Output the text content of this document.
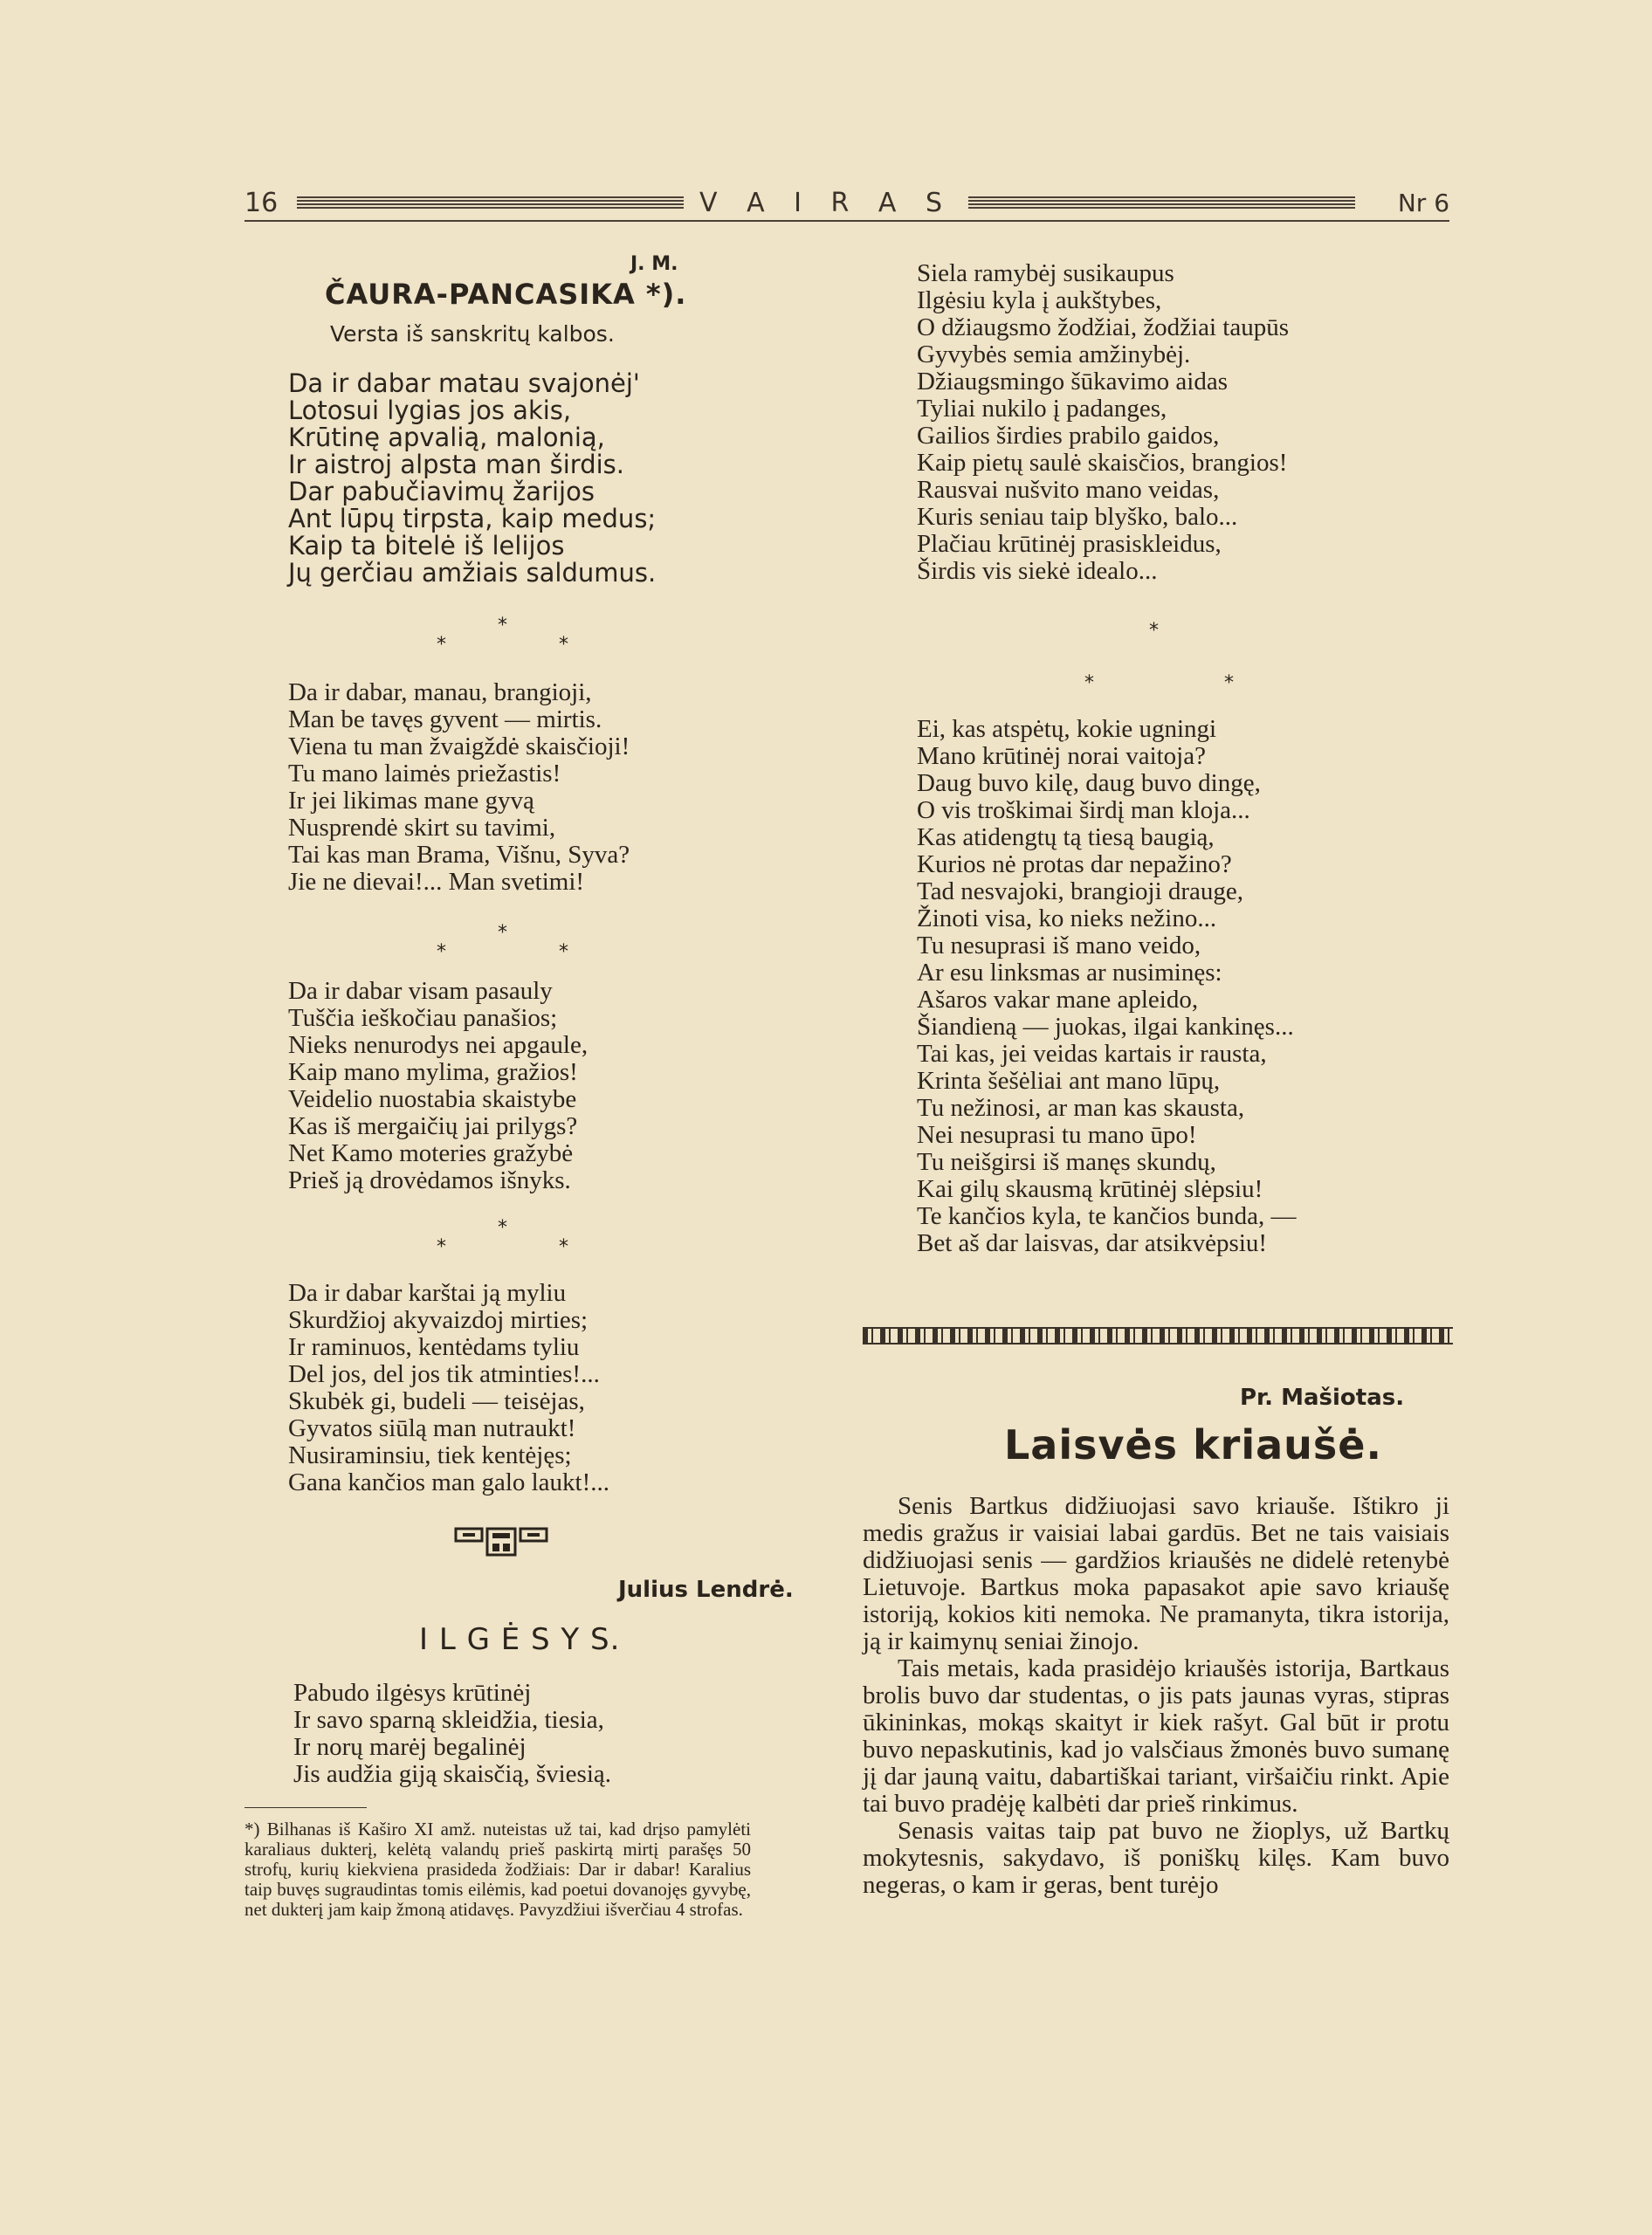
16	V A I R A S	Nr 6
J. M.
ČAURA-PANCASIKA *).
Versta iš sanskritų kalbos.
Da ir dabar matau svajonėj'
Lotosui lygias jos akis,
Krūtinę apvalią, malonią,
Ir aistroj alpsta man širdis.
Dar pabučiavimų žarijos
Ant lūpų tirpsta, kaip medus;
Kaip ta bitelė iš lelijos
Jų gerčiau amžiais saldumus.
*
*	*
Da ir dabar, manau, brangioji,
Man be tavęs gyvent — mirtis.
Viena tu man žvaigždė skaisčioji!
Tu mano laimės priežastis!
Ir jei likimas mane gyvą
Nusprendė skirt su tavimi,
Tai kas man Brama, Višnu, Syva?
Jie ne dievai!... Man svetimi!
*
*	*
Da ir dabar visam pasauly
Tuščia ieškočiau panašios;
Nieks nenurodys nei apgaule,
Kaip mano mylima, gražios!
Veidelio nuostabia skaistybe
Kas iš mergaičių jai prilygs?
Net Kamo moteries gražybė
Prieš ją drovėdamos išnyks.
*
*	*
Da ir dabar karštai ją myliu
Skurdžioj akyvaizdoj mirties;
Ir raminuos, kentėdams tyliu
Del jos, del jos tik atminties!...
Skubėk gi, budeli — teisėjas,
Gyvatos siūlą man nutraukt!
Nusiraminsiu, tiek kentėjęs;
Gana kančios man galo laukt!...
Julius Lendrė.
I L G Ė S Y S.
Pabudo ilgėsys krūtinėj
Ir savo sparną skleidžia, tiesia,
Ir norų marėj begalinėj
Jis audžia giją skaisčią, šviesią.
*) Bilhanas iš Kaširo XI amž. nuteistas už tai, kad drįso pamylėti karaliaus dukterį, kelėtą valandų prieš paskirtą mirtį parašęs 50 strofų, kurių kiekviena prasideda žodžiais: Dar ir dabar! Karalius taip buvęs sugraudintas tomis eilėmis, kad poetui dovanojęs gyvybę, net dukterį jam kaip žmoną atidavęs. Pavyzdžiui išverčiau 4 strofas.
Siela ramybėj susikaupus
Ilgėsiu kyla į aukštybes,
O džiaugsmo žodžiai, žodžiai taupūs
Gyvybės semia amžinybėj.
Džiaugsmingo šūkavimo aidas
Tyliai nukilo į padanges,
Gailios širdies prabilo gaidos,
Kaip pietų saulė skaisčios, brangios!
Rausvai nušvito mano veidas,
Kuris seniau taip blyško, balo...
Plačiau krūtinėj prasiskleidus,
Širdis vis siekė idealo...
*
*	*
Ei, kas atspėtų, kokie ugningi
Mano krūtinėj norai vaitoja?
Daug buvo kilę, daug buvo dingę,
O vis troškimai širdį man kloja...
Kas atidengtų tą tiesą baugią,
Kurios nė protas dar nepažino?
Tad nesvajoki, brangioji drauge,
Žinoti visa, ko nieks nežino...
Tu nesuprasi iš mano veido,
Ar esu linksmas ar nusiminęs:
Ašaros vakar mane apleido,
Šiandieną — juokas, ilgai kankinęs...
Tai kas, jei veidas kartais ir rausta,
Krinta šešėliai ant mano lūpų,
Tu nežinosi, ar man kas skausta,
Nei nesuprasi tu mano ūpo!
Tu neišgirsi iš manęs skundų,
Kai gilų skausmą krūtinėj slėpsiu!
Te kančios kyla, te kančios bunda, —
Bet aš dar laisvas, dar atsikvėpsiu!
Pr. Mašiotas.
Laisvės kriaušė.

Senis Bartkus didžiuojasi savo kriauše. Ištikro ji medis gražus ir vaisiai labai gardūs. Bet ne tais vaisiais didžiuojasi senis — gardžios kriaušės ne didelė retenybė Lietuvoje. Bartkus moka papasakot apie savo kriaušę istoriją, kokios kiti nemoka. Ne pramanyta, tikra istorija, ją ir kaimynų seniai žinojo.

Tais metais, kada prasidėjo kriaušės istorija, Bartkaus brolis buvo dar studentas, o jis pats jaunas vyras, stipras ūkininkas, mokąs skaityt ir kiek rašyt. Gal būt ir protu buvo nepaskutinis, kad jo valsčiaus žmonės buvo sumanę jį dar jauną vaitu, dabartiškai tariant, viršaičiu rinkt. Apie tai buvo pradėję kalbėti dar prieš rinkimus.

Senasis vaitas taip pat buvo ne žioplys, už Bartkų mokytesnis, sakydavo, iš poniškų kilęs. Kam buvo negeras, o kam ir geras, bent turėjo
